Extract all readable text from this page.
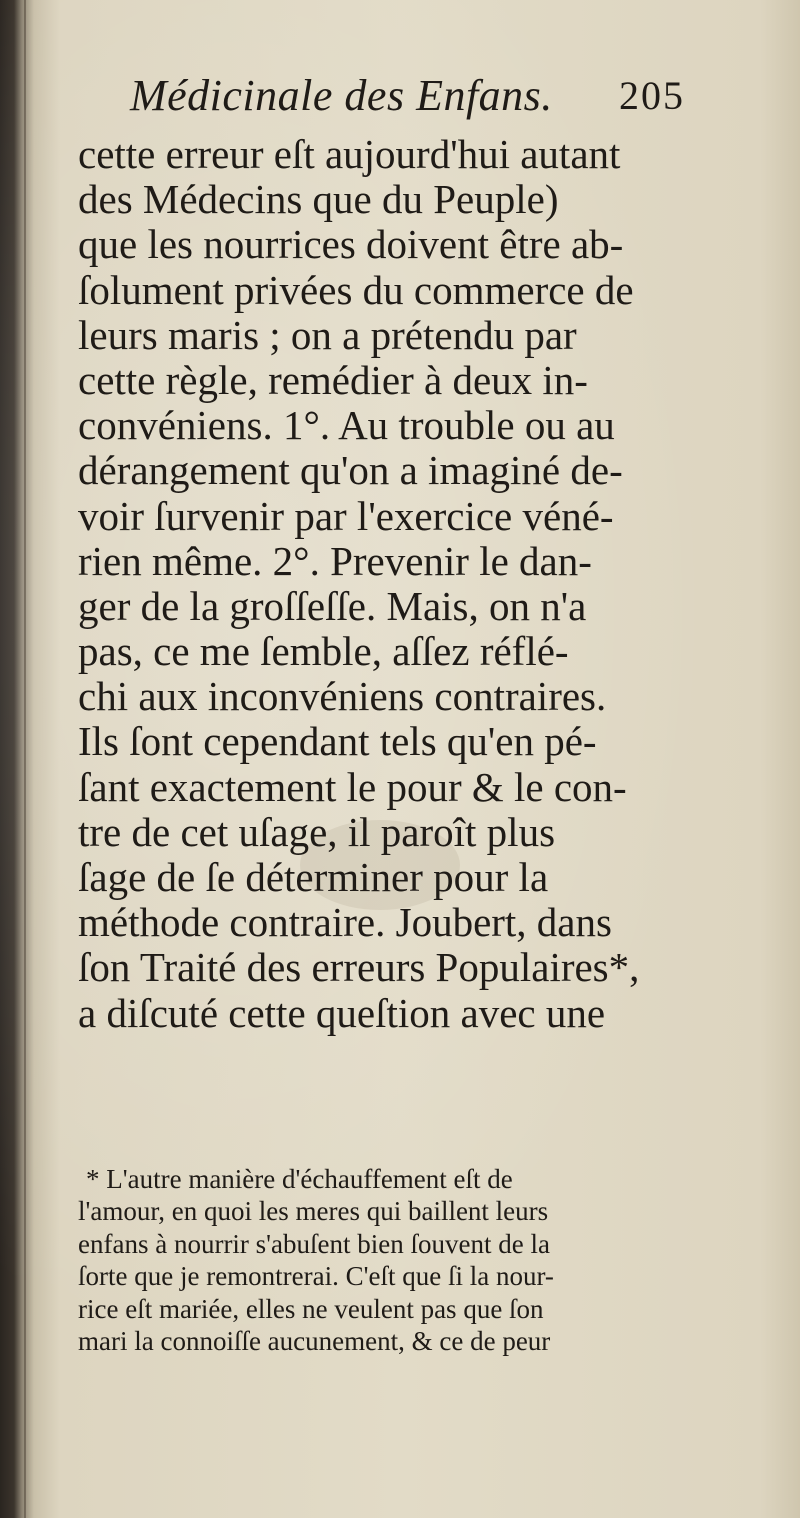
Médicinale des Enfans. 205
cette erreur eſt aujourd'hui autant
des Médecins que du Peuple)
que les nourrices doivent être ab-
ſolument privées du commerce de
leurs maris ; on a prétendu par
cette règle, remédier à deux in-
convéniens. 1°. Au trouble ou au
dérangement qu'on a imaginé de-
voir ſurvenir par l'exercice véné-
rien même. 2°. Prevenir le dan-
ger de la groſſeſſe. Mais, on n'a
pas, ce me ſemble, aſſez réflé-
chi aux inconvéniens contraires.
Ils ſont cependant tels qu'en pé-
ſant exactement le pour & le con-
tre de cet uſage, il paroît plus
ſage de ſe déterminer pour la
méthode contraire. Joubert, dans
ſon Traité des erreurs Populaires*,
a diſcuté cette queſtion avec une
* L'autre manière d'échauffement eſt de
l'amour, en quoi les meres qui baillent leurs
enfans à nourrir s'abuſent bien ſouvent de la
ſorte que je remontrerai. C'eſt que ſi la nour-
rice eſt mariée, elles ne veulent pas que ſon
mari la connoiſſe aucunement, & ce de peur
